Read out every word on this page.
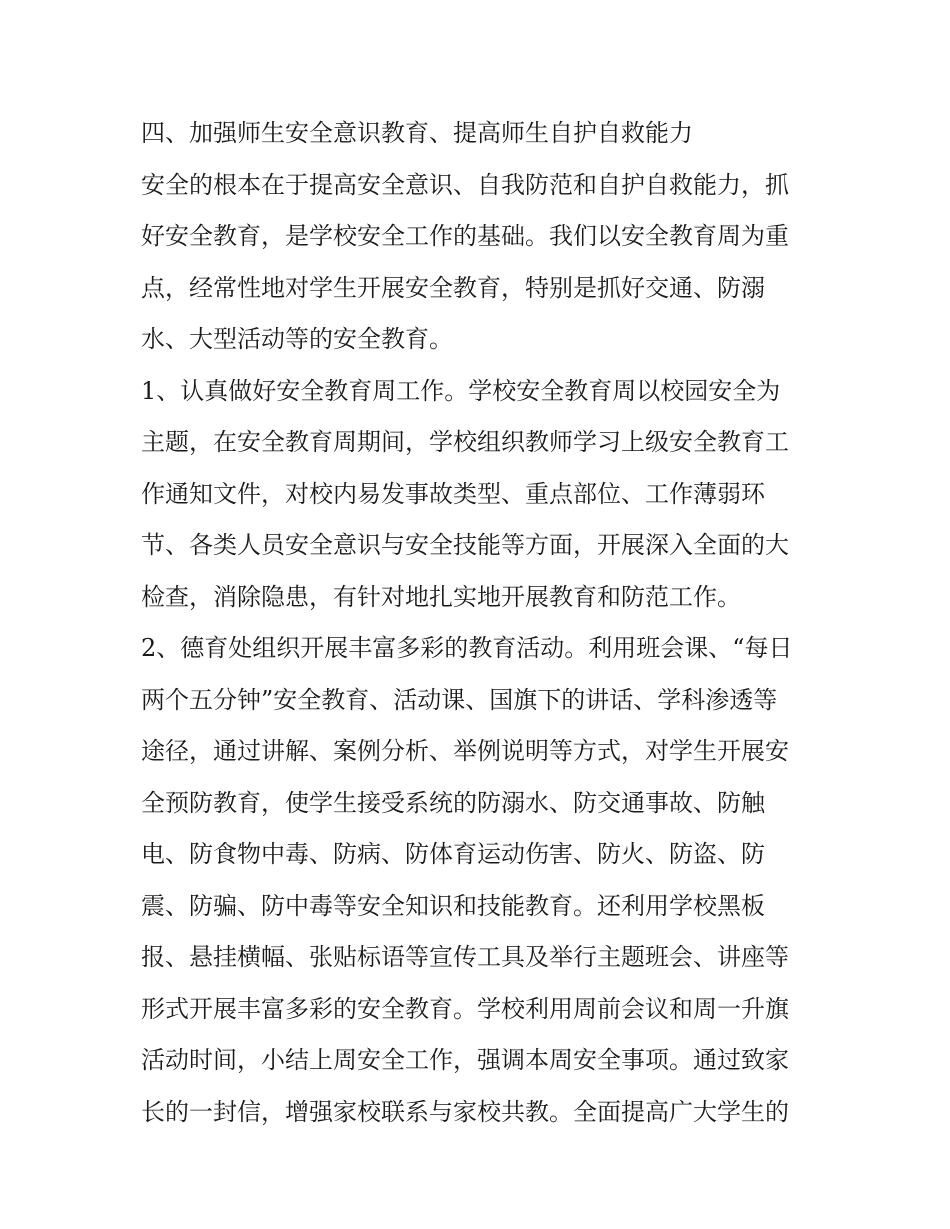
四、加强师生安全意识教育、提高师生自护自救能力
安全的根本在于提高安全意识、自我防范和自护自救能力，抓
好安全教育，是学校安全工作的基础。我们以安全教育周为重
点，经常性地对学生开展安全教育，特别是抓好交通、防溺
水、大型活动等的安全教育。
1、认真做好安全教育周工作。学校安全教育周以校园安全为
主题，在安全教育周期间，学校组织教师学习上级安全教育工
作通知文件，对校内易发事故类型、重点部位、工作薄弱环
节、各类人员安全意识与安全技能等方面，开展深入全面的大
检查，消除隐患，有针对地扎实地开展教育和防范工作。
2、德育处组织开展丰富多彩的教育活动。利用班会课、“每日
两个五分钟”安全教育、活动课、国旗下的讲话、学科渗透等
途径，通过讲解、案例分析、举例说明等方式，对学生开展安
全预防教育，使学生接受系统的防溺水、防交通事故、防触
电、防食物中毒、防病、防体育运动伤害、防火、防盗、防
震、防骗、防中毒等安全知识和技能教育。还利用学校黑板
报、悬挂横幅、张贴标语等宣传工具及举行主题班会、讲座等
形式开展丰富多彩的安全教育。学校利用周前会议和周一升旗
活动时间，小结上周安全工作，强调本周安全事项。通过致家
长的一封信，增强家校联系与家校共教。全面提高广大学生的
